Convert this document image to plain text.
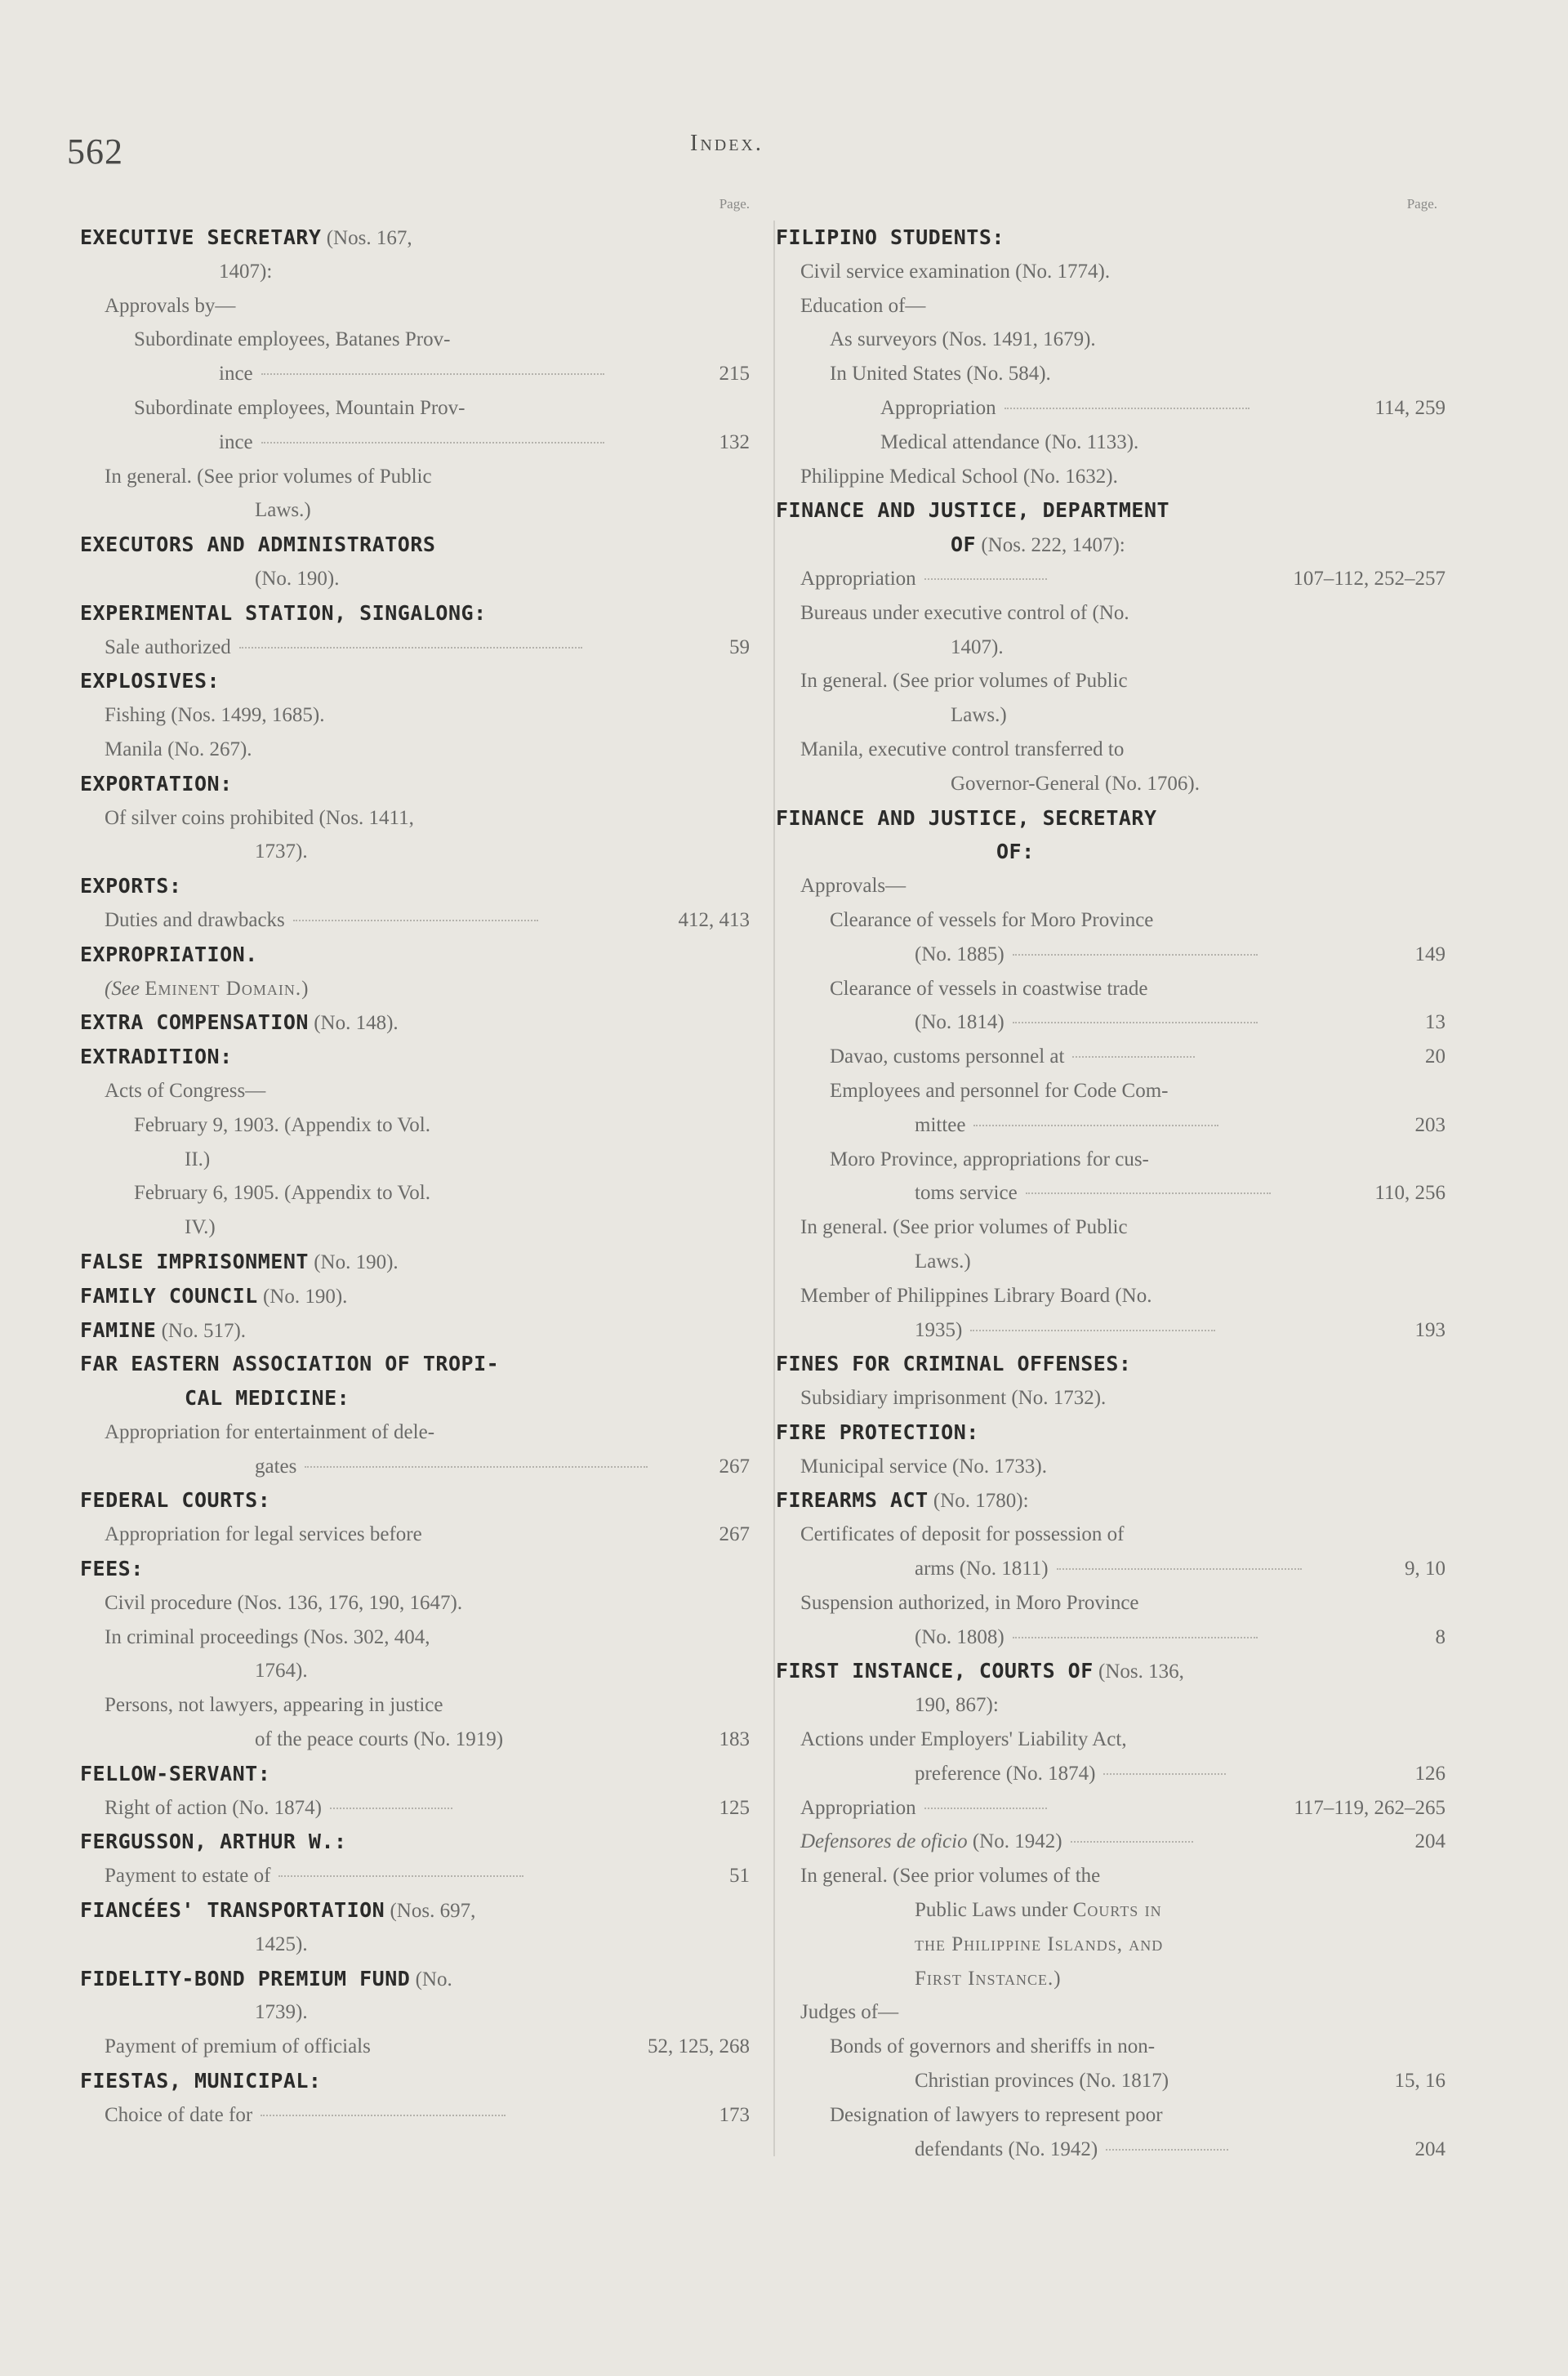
562	Index.
Page.
EXECUTIVE SECRETARY (Nos. 167,
1407):
Approvals by—
Subordinate employees, Batanes Prov-
ince	215
Subordinate employees, Mountain Prov-
ince	132
In general. (See prior volumes of Public
Laws.)
EXECUTORS AND ADMINISTRATORS
(No. 190).
EXPERIMENTAL STATION, SINGALONG:
Sale authorized	59
EXPLOSIVES:
Fishing (Nos. 1499, 1685).
Manila (No. 267).
EXPORTATION:
Of silver coins prohibited (Nos. 1411,
1737).
EXPORTS:
Duties and drawbacks	412, 413
EXPROPRIATION.
(See Eminent Domain.)
EXTRA COMPENSATION (No. 148).
EXTRADITION:
Acts of Congress—
February 9, 1903. (Appendix to Vol.
II.)
February 6, 1905. (Appendix to Vol.
IV.)
FALSE IMPRISONMENT (No. 190).
FAMILY COUNCIL (No. 190).
FAMINE (No. 517).
FAR EASTERN ASSOCIATION OF TROPI-
CAL MEDICINE:
Appropriation for entertainment of dele-
gates	267
FEDERAL COURTS:
Appropriation for legal services before	267
FEES:
Civil procedure (Nos. 136, 176, 190, 1647).
In criminal proceedings (Nos. 302, 404,
1764).
Persons, not lawyers, appearing in justice
of the peace courts (No. 1919)	183
FELLOW-SERVANT:
Right of action (No. 1874)	125
FERGUSSON, ARTHUR W.:
Payment to estate of	51
FIANCÉES' TRANSPORTATION (Nos. 697,
1425).
FIDELITY-BOND PREMIUM FUND (No.
1739).
Payment of premium of officials	52, 125, 268
FIESTAS, MUNICIPAL:
Choice of date for	173
Page.
FILIPINO STUDENTS:
Civil service examination (No. 1774).
Education of—
As surveyors (Nos. 1491, 1679).
In United States (No. 584).
Appropriation	114, 259
Medical attendance (No. 1133).
Philippine Medical School (No. 1632).
FINANCE AND JUSTICE, DEPARTMENT
OF (Nos. 222, 1407):
Appropriation	107–112, 252–257
Bureaus under executive control of (No.
1407).
In general. (See prior volumes of Public
Laws.)
Manila, executive control transferred to
Governor-General (No. 1706).
FINANCE AND JUSTICE, SECRETARY
OF:
Approvals—
Clearance of vessels for Moro Province
(No. 1885)	149
Clearance of vessels in coastwise trade
(No. 1814)	13
Davao, customs personnel at	20
Employees and personnel for Code Com-
mittee	203
Moro Province, appropriations for cus-
toms service	110, 256
In general. (See prior volumes of Public
Laws.)
Member of Philippines Library Board (No.
1935)	193
FINES FOR CRIMINAL OFFENSES:
Subsidiary imprisonment (No. 1732).
FIRE PROTECTION:
Municipal service (No. 1733).
FIREARMS ACT (No. 1780):
Certificates of deposit for possession of
arms (No. 1811)	9, 10
Suspension authorized, in Moro Province
(No. 1808)	8
FIRST INSTANCE, COURTS OF (Nos. 136,
190, 867):
Actions under Employers' Liability Act,
preference (No. 1874)	126
Appropriation	117–119, 262–265
Defensores de oficio (No. 1942)	204
In general. (See prior volumes of the
Public Laws under Courts in
the Philippine Islands, and
First Instance.)
Judges of—
Bonds of governors and sheriffs in non-
Christian provinces (No. 1817)	15, 16
Designation of lawyers to represent poor
defendants (No. 1942)	204
